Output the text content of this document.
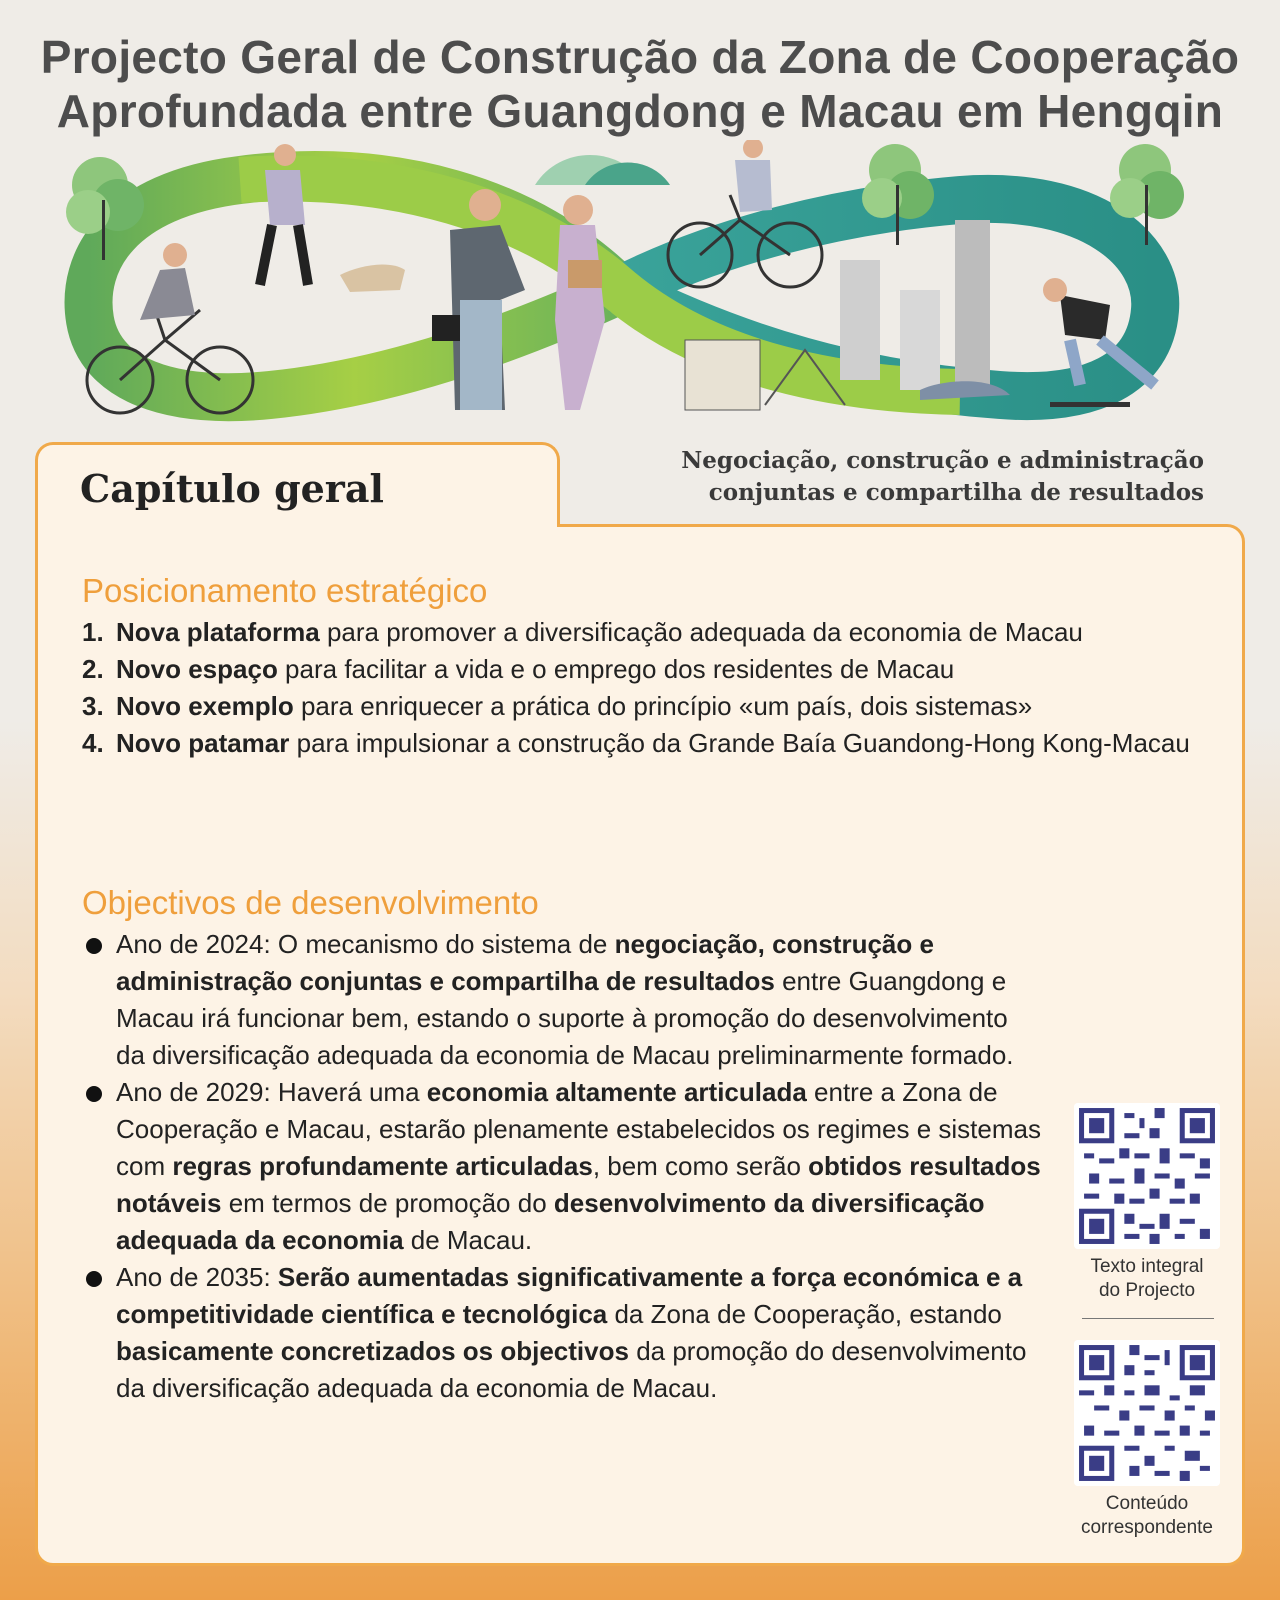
Projecto Geral de Construção da Zona de Cooperação
Aprofundada entre Guangdong e Macau em Hengqin
Capítulo geral
Negociação, construção e administração
conjuntas e compartilha de resultados
Posicionamento estratégico
1. Nova plataforma para promover a diversificação adequada da economia de Macau
2. Novo espaço para facilitar a vida e o emprego dos residentes de Macau
3. Novo exemplo para enriquecer a prática do princípio «um país, dois sistemas»
4. Novo patamar para impulsionar a construção da Grande Baía Guandong-Hong Kong-Macau
Objectivos de desenvolvimento
Ano de 2024: O mecanismo do sistema de negociação, construção e administração conjuntas e compartilha de resultados entre Guangdong e Macau irá funcionar bem, estando o suporte à promoção do desenvolvimento da diversificação adequada da economia de Macau preliminarmente formado.
Ano de 2029: Haverá uma economia altamente articulada entre a Zona de Cooperação e Macau, estarão plenamente estabelecidos os regimes e sistemas com regras profundamente articuladas, bem como serão obtidos resultados notáveis em termos de promoção do desenvolvimento da diversificação adequada da economia de Macau.
Ano de 2035: Serão aumentadas significativamente a força económica e a competitividade científica e tecnológica da Zona de Cooperação, estando basicamente concretizados os objectivos da promoção do desenvolvimento da diversificação adequada da economia de Macau.
Texto integral
do Projecto
Conteúdo
correspondente
